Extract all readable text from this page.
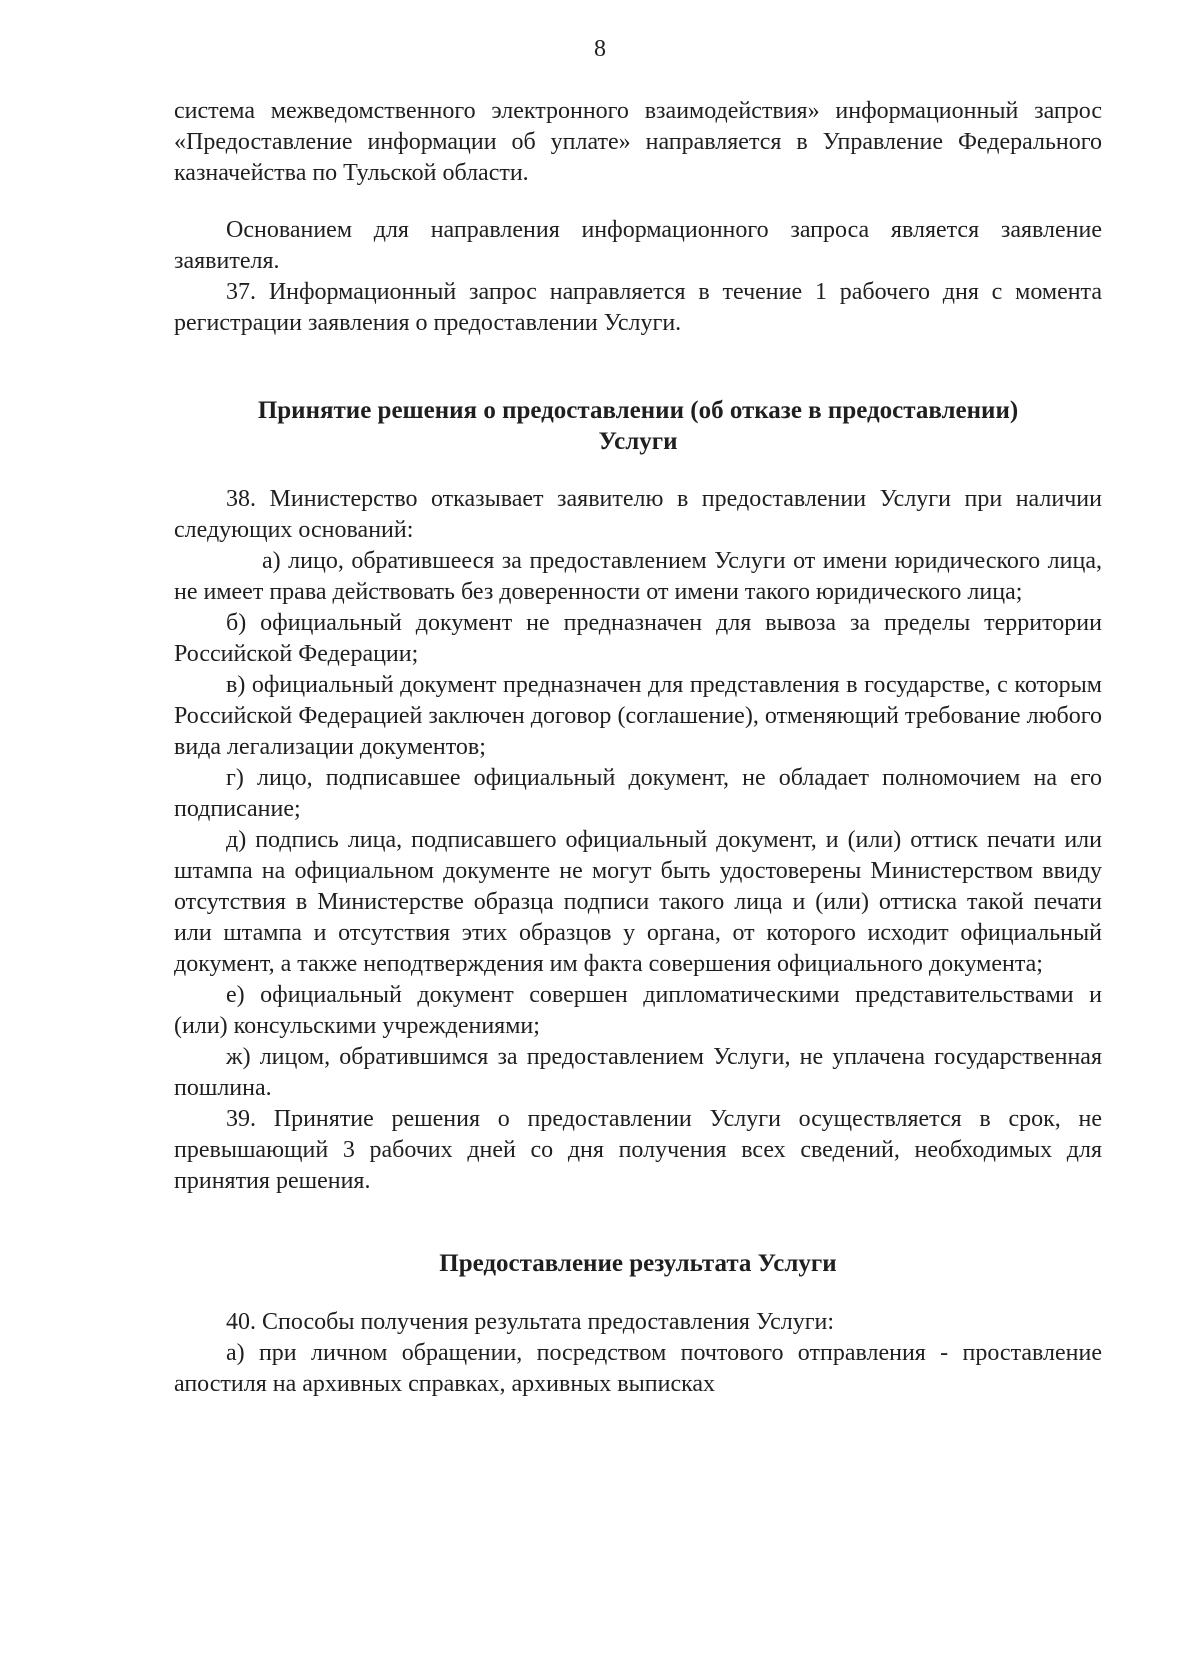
8

система межведомственного электронного взаимодействия» информационный запрос «Предоставление информации об уплате» направляется в Управление Федерального казначейства по Тульской области.

Основанием для направления информационного запроса является заявление заявителя.

37. Информационный запрос направляется в течение 1 рабочего дня с момента регистрации заявления о предоставлении Услуги.

Принятие решения о предоставлении (об отказе в предоставлении)
Услуги

38. Министерство отказывает заявителю в предоставлении Услуги при наличии следующих оснований:

а) лицо, обратившееся за предоставлением Услуги от имени юридического лица, не имеет права действовать без доверенности от имени такого юридического лица;

б) официальный документ не предназначен для вывоза за пределы территории Российской Федерации;

в) официальный документ предназначен для представления в государстве, с которым Российской Федерацией заключен договор (соглашение), отменяющий требование любого вида легализации документов;

г) лицо, подписавшее официальный документ, не обладает полномочием на его подписание;

д) подпись лица, подписавшего официальный документ, и (или) оттиск печати или штампа на официальном документе не могут быть удостоверены Министерством ввиду отсутствия в Министерстве образца подписи такого лица и (или) оттиска такой печати или штампа и отсутствия этих образцов у органа, от которого исходит официальный документ, а также неподтверждения им факта совершения официального документа;

е) официальный документ совершен дипломатическими представительствами и (или) консульскими учреждениями;

ж) лицом, обратившимся за предоставлением Услуги, не уплачена государственная пошлина.

39. Принятие решения о предоставлении Услуги осуществляется в срок, не превышающий 3 рабочих дней со дня получения всех сведений, необходимых для принятия решения.

Предоставление результата Услуги

40. Способы получения результата предоставления Услуги:

а) при личном обращении, посредством почтового отправления - проставление апостиля на архивных справках, архивных выписках
